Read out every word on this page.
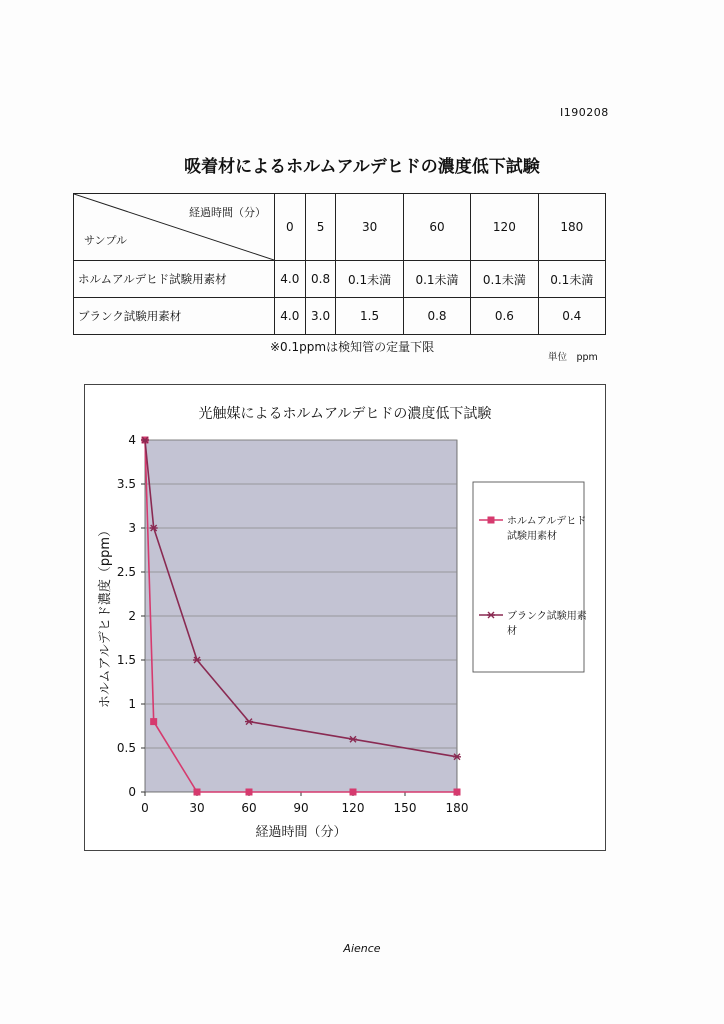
I190208
吸着材によるホルムアルデヒドの濃度低下試験
経過時間（分）
サンプル	0	5	30	60	120	180
ホルムアルデヒド試験用素材	4.0	0.8	0.1未満	0.1未満	0.1未満	0.1未満
ブランク試験用素材	4.0	3.0	1.5	0.8	0.6	0.4
※0.1ppmは検知管の定量下限
単位　ppm
光触媒によるホルムアルデヒドの濃度低下試験
0
0.5
1
1.5
2
2.5
3
3.5
4
0	30	60	90	120 150 180
経過時間（分）
ホルムアルデヒド濃度（ppm）
ホルムアルデヒド
試験用素材
ブランク試験用素
材
Aience
